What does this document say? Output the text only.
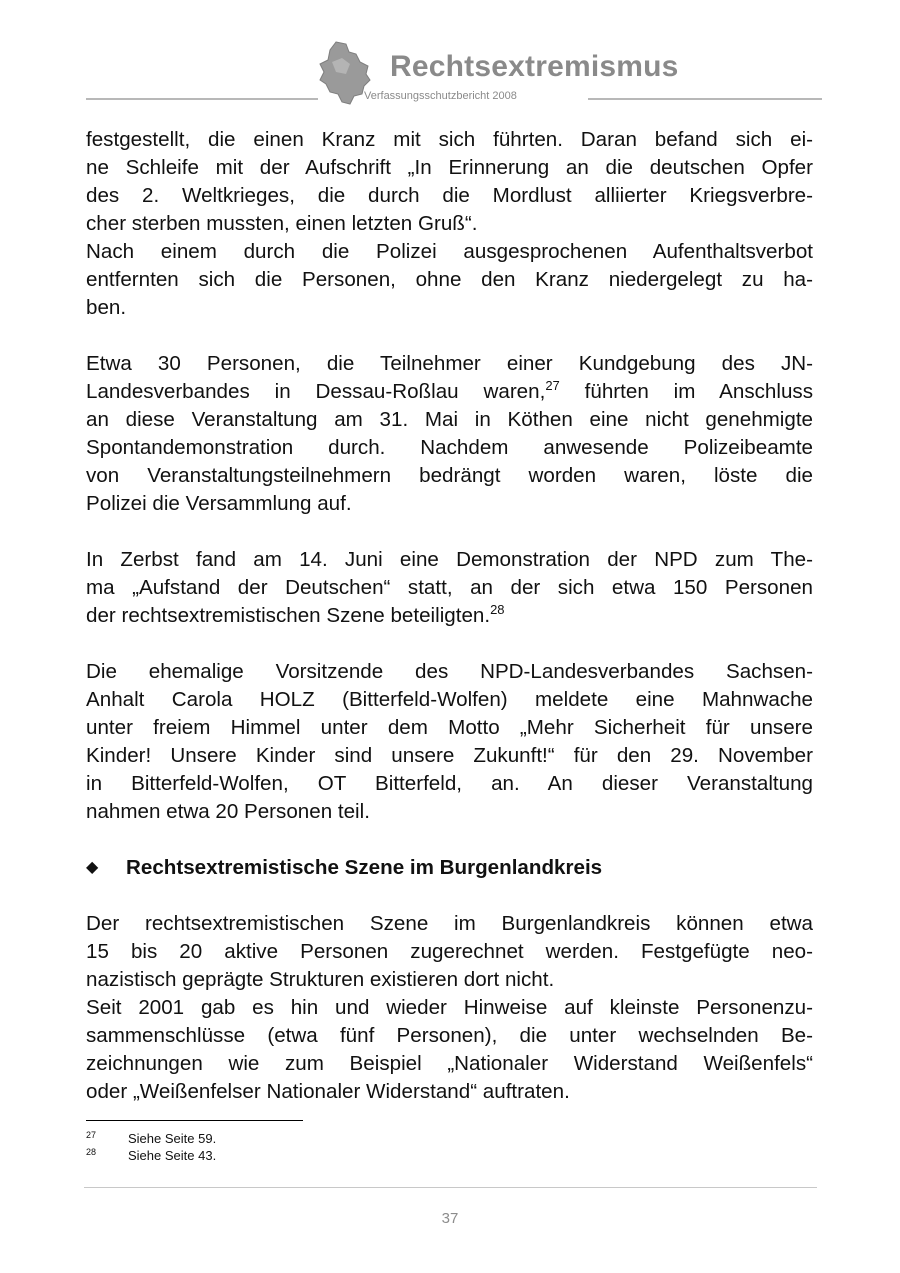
Rechtsextremismus
Verfassungsschutzbericht 2008

festgestellt, die einen Kranz mit sich führten. Daran befand sich ei-
ne Schleife mit der Aufschrift „In Erinnerung an die deutschen Opfer
des 2. Weltkrieges, die durch die Mordlust alliierter Kriegsverbre-
cher sterben mussten, einen letzten Gruß“.

Nach einem durch die Polizei ausgesprochenen Aufenthaltsverbot
entfernten sich die Personen, ohne den Kranz niedergelegt zu ha-
ben.

Etwa 30 Personen, die Teilnehmer einer Kundgebung des JN-
Landesverbandes in Dessau-Roßlau waren,$^{27}$ führten im Anschluss
an diese Veranstaltung am 31. Mai in Köthen eine nicht genehmigte
Spontandemonstration durch. Nachdem anwesende Polizeibeamte
von Veranstaltungsteilnehmern bedrängt worden waren, löste die
Polizei die Versammlung auf.

In Zerbst fand am 14. Juni eine Demonstration der NPD zum The-
ma „Aufstand der Deutschen“ statt, an der sich etwa 150 Personen
der rechtsextremistischen Szene beteiligten.$^{28}$

Die ehemalige Vorsitzende des NPD-Landesverbandes Sachsen-
Anhalt Carola HOLZ (Bitterfeld-Wolfen) meldete eine Mahnwache
unter freiem Himmel unter dem Motto „Mehr Sicherheit für unsere
Kinder! Unsere Kinder sind unsere Zukunft!“ für den 29. November
in Bitterfeld-Wolfen, OT Bitterfeld, an. An dieser Veranstaltung
nahmen etwa 20 Personen teil.

◆ Rechtsextremistische Szene im Burgenlandkreis

Der rechtsextremistischen Szene im Burgenlandkreis können etwa
15 bis 20 aktive Personen zugerechnet werden. Festgefügte neo-
nazistisch geprägte Strukturen existieren dort nicht.

Seit 2001 gab es hin und wieder Hinweise auf kleinste Personenzu-
sammenschlüsse (etwa fünf Personen), die unter wechselnden Be-
zeichnungen wie zum Beispiel „Nationaler Widerstand Weißenfels“
oder „Weißenfelser Nationaler Widerstand“ auftraten.

27 Siehe Seite 59.
28 Siehe Seite 43.
37
